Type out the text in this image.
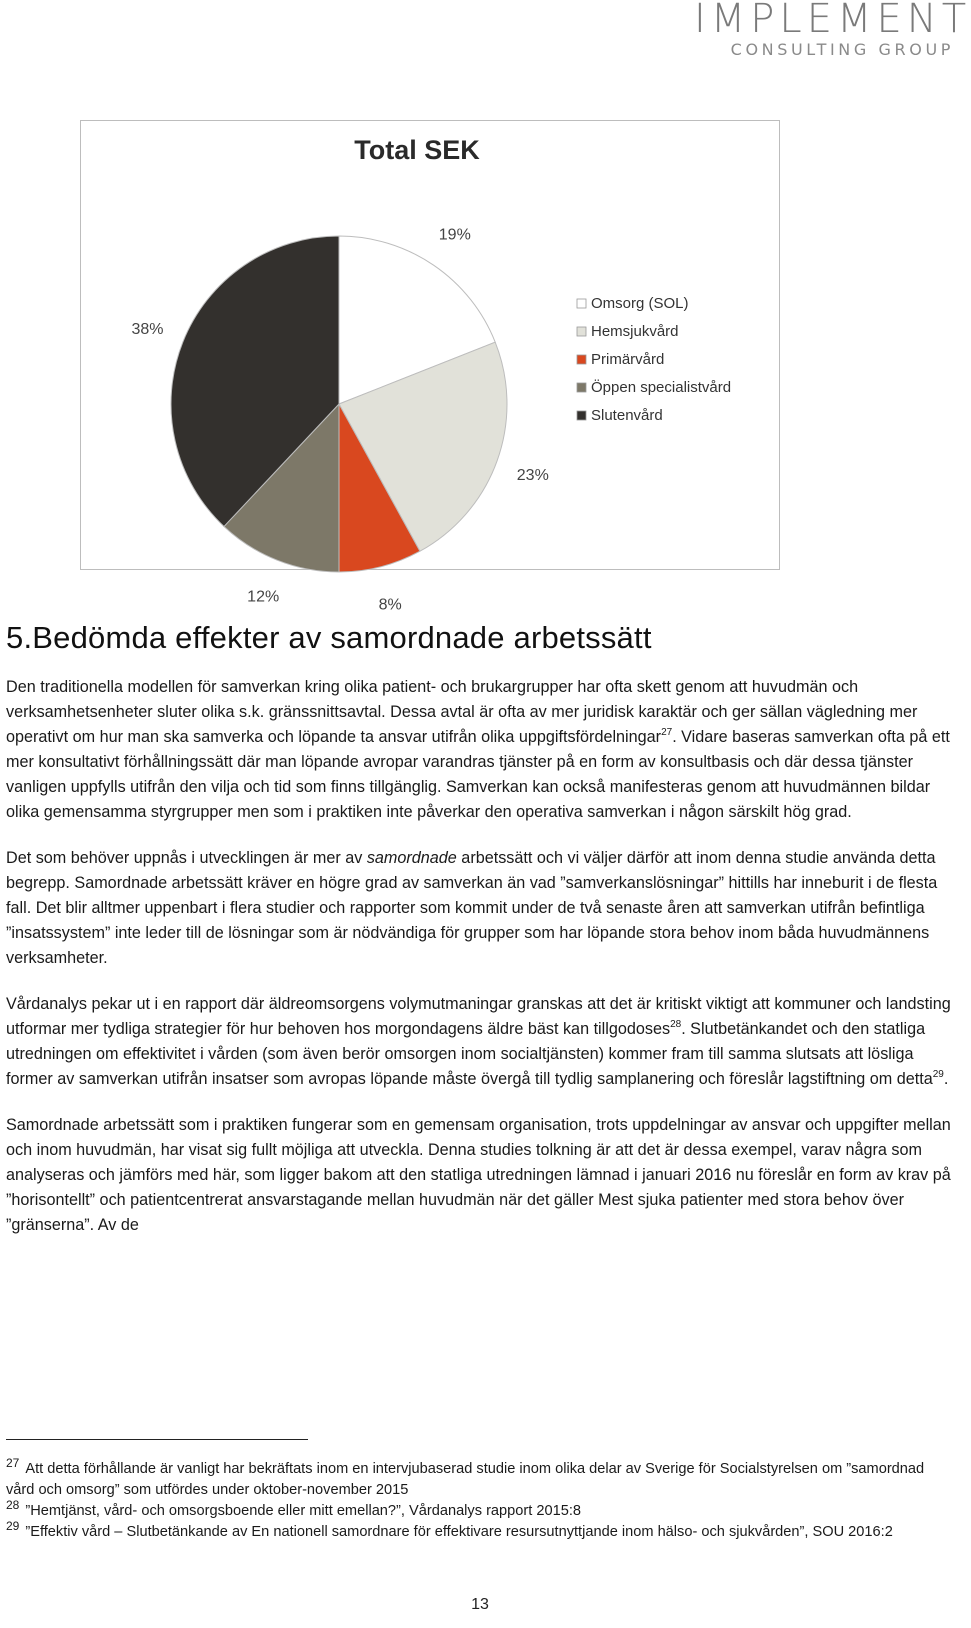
IMPLEMENT
CONSULTING GROUP
Total SEK
19%
23%
8%
12%
38%
Omsorg (SOL)
Hemsjukvård
Primärvård
Öppen specialistvård
Slutenvård
5.Bedömda effekter av samordnade arbetssätt

Den traditionella modellen för samverkan kring olika patient- och brukargrupper har ofta skett genom att huvudmän och verksamhetsenheter sluter olika s.k. gränssnittsavtal. Dessa avtal är ofta av mer juridisk karaktär och ger sällan vägledning mer operativt om hur man ska samverka och löpande ta ansvar utifrån olika uppgiftsfördelningar$^{27}$. Vidare baseras samverkan ofta på ett mer konsultativt förhållningssätt där man löpande avropar varandras tjänster på en form av konsultbasis och där dessa tjänster vanligen uppfylls utifrån den vilja och tid som finns tillgänglig. Samverkan kan också manifesteras genom att huvudmännen bildar olika gemensamma styrgrupper men som i praktiken inte påverkar den operativa samverkan i någon särskilt hög grad.

Det som behöver uppnås i utvecklingen är mer av samordnade arbetssätt och vi väljer därför att inom denna studie använda detta begrepp. Samordnade arbetssätt kräver en högre grad av samverkan än vad ”samverkanslösningar” hittills har inneburit i de flesta fall. Det blir alltmer uppenbart i flera studier och rapporter som kommit under de två senaste åren att samverkan utifrån befintliga ”insatssystem” inte leder till de lösningar som är nödvändiga för grupper som har löpande stora behov inom båda huvudmännens verksamheter.

Vårdanalys pekar ut i en rapport där äldreomsorgens volymutmaningar granskas att det är kritiskt viktigt att kommuner och landsting utformar mer tydliga strategier för hur behoven hos morgondagens äldre bäst kan tillgodoses$^{28}$. Slutbetänkandet och den statliga utredningen om effektivitet i vården (som även berör omsorgen inom socialtjänsten) kommer fram till samma slutsats att lösliga former av samverkan utifrån insatser som avropas löpande måste övergå till tydlig samplanering och föreslår lagstiftning om detta$^{29}$.

Samordnade arbetssätt som i praktiken fungerar som en gemensam organisation, trots uppdelningar av ansvar och uppgifter mellan och inom huvudmän, har visat sig fullt möjliga att utveckla. Denna studies tolkning är att det är dessa exempel, varav några som analyseras och jämförs med här, som ligger bakom att den statliga utredningen lämnad i januari 2016 nu föreslår en form av krav på ”horisontellt” och patientcentrerat ansvarstagande mellan huvudmän när det gäller Mest sjuka patienter med stora behov över ”gränserna”. Av de

$^{27}$ Att detta förhållande är vanligt har bekräftats inom en intervjubaserad studie inom olika delar av Sverige för Socialstyrelsen om ”samordnad vård och omsorg” som utfördes under oktober-november 2015

$^{28}$ ”Hemtjänst, vård- och omsorgsboende eller mitt emellan?”, Vårdanalys rapport 2015:8

$^{29}$ ”Effektiv vård – Slutbetänkande av En nationell samordnare för effektivare resursutnyttjande inom hälso- och sjukvården”, SOU 2016:2

13
